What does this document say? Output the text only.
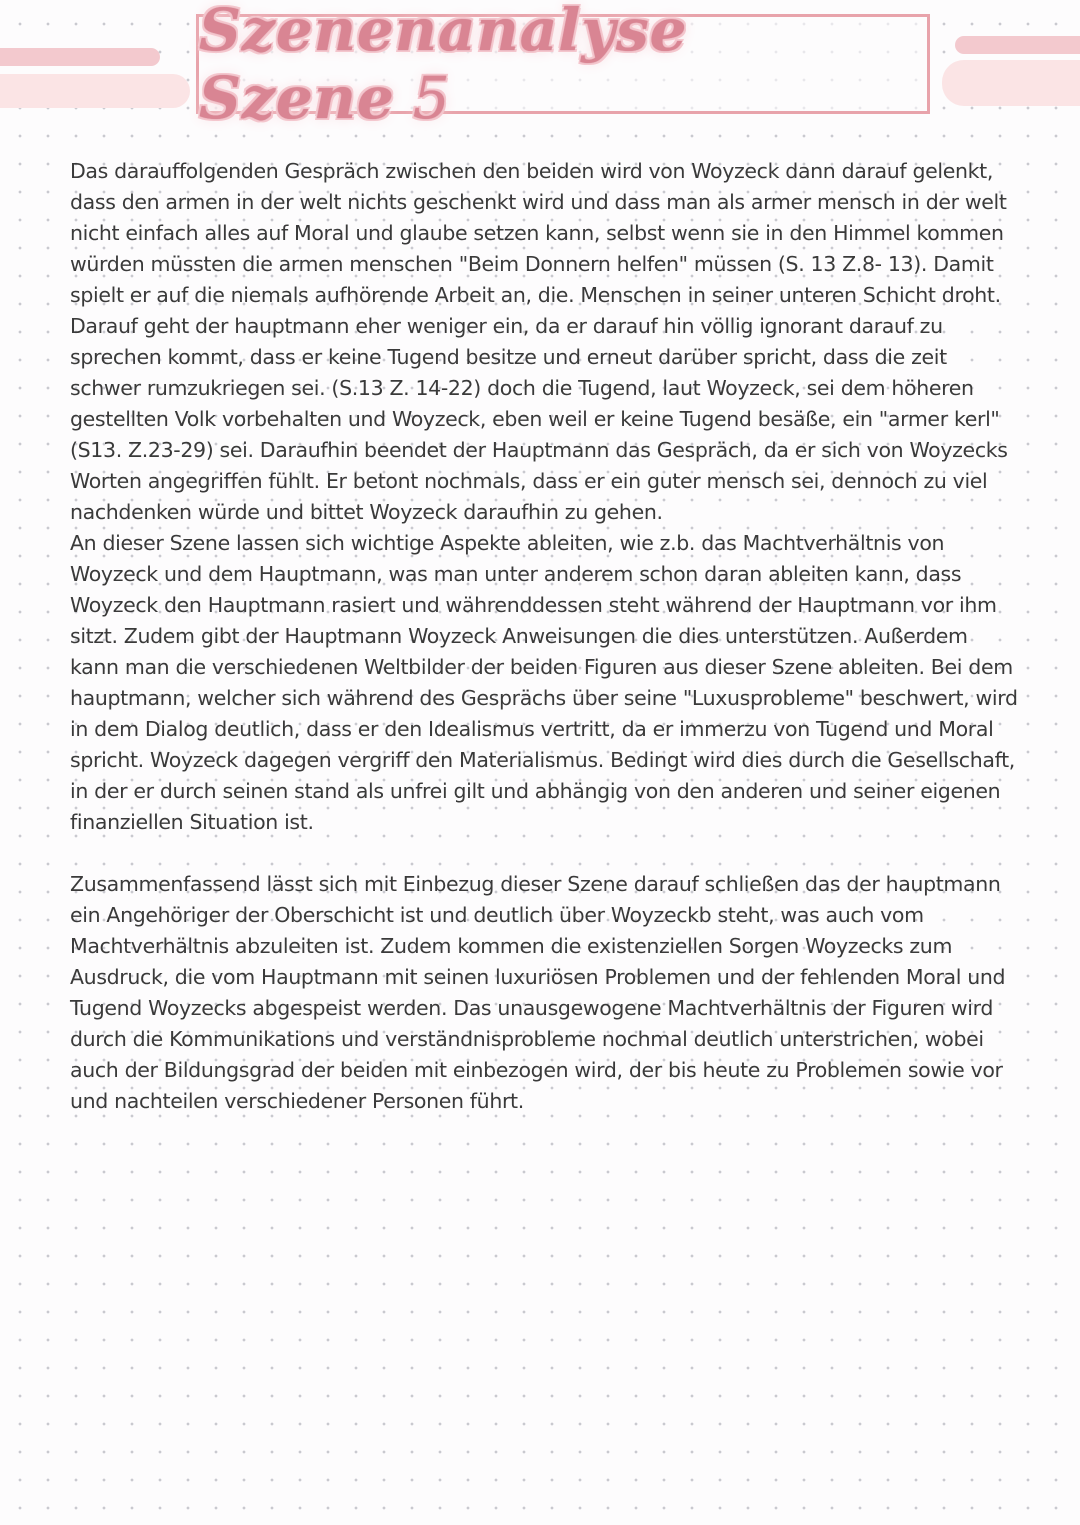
Szenenanalyse Szene 5

Das darauffolgenden Gespräch zwischen den beiden wird von Woyzeck dann darauf gelenkt, dass den armen in der welt nichts geschenkt wird und dass man als armer mensch in der welt nicht einfach alles auf Moral und glaube setzen kann, selbst wenn sie in den Himmel kommen würden müssten die armen menschen "Beim Donnern helfen" müssen (S. 13 Z.8- 13). Damit spielt er auf die niemals aufhörende Arbeit an, die. Menschen in seiner unteren Schicht droht. Darauf geht der hauptmann eher weniger ein, da er darauf hin völlig ignorant darauf zu sprechen kommt, dass er keine Tugend besitze und erneut darüber spricht, dass die zeit schwer rumzukriegen sei. (S.13 Z. 14-22) doch die Tugend, laut Woyzeck, sei dem höheren gestellten Volk vorbehalten und Woyzeck, eben weil er keine Tugend besäße, ein "armer kerl" (S13. Z.23-29) sei. Daraufhin beendet der Hauptmann das Gespräch, da er sich von Woyzecks Worten angegriffen fühlt. Er betont nochmals, dass er ein guter mensch sei, dennoch zu viel nachdenken würde und bittet Woyzeck daraufhin zu gehen.

An dieser Szene lassen sich wichtige Aspekte ableiten, wie z.b. das Machtverhältnis von Woyzeck und dem Hauptmann, was man unter anderem schon daran ableiten kann, dass Woyzeck den Hauptmann rasiert und währenddessen steht während der Hauptmann vor ihm sitzt. Zudem gibt der Hauptmann Woyzeck Anweisungen die dies unterstützen. Außerdem kann man die verschiedenen Weltbilder der beiden Figuren aus dieser Szene ableiten. Bei dem hauptmann, welcher sich während des Gesprächs über seine "Luxusprobleme" beschwert, wird in dem Dialog deutlich, dass er den Idealismus vertritt, da er immerzu von Tugend und Moral spricht. Woyzeck dagegen vergriff den Materialismus. Bedingt wird dies durch die Gesellschaft, in der er durch seinen stand als unfrei gilt und abhängig von den anderen und seiner eigenen finanziellen Situation ist.

Zusammenfassend lässt sich mit Einbezug dieser Szene darauf schließen das der hauptmann ein Angehöriger der Oberschicht ist und deutlich über Woyzeckb steht, was auch vom Machtverhältnis abzuleiten ist. Zudem kommen die existenziellen Sorgen Woyzecks zum Ausdruck, die vom Hauptmann mit seinen luxuriösen Problemen und der fehlenden Moral und Tugend Woyzecks abgespeist werden. Das unausgewogene Machtverhältnis der Figuren wird durch die Kommunikations und verständnisprobleme nochmal deutlich unterstrichen, wobei auch der Bildungsgrad der beiden mit einbezogen wird, der bis heute zu Problemen sowie vor und nachteilen verschiedener Personen führt.
